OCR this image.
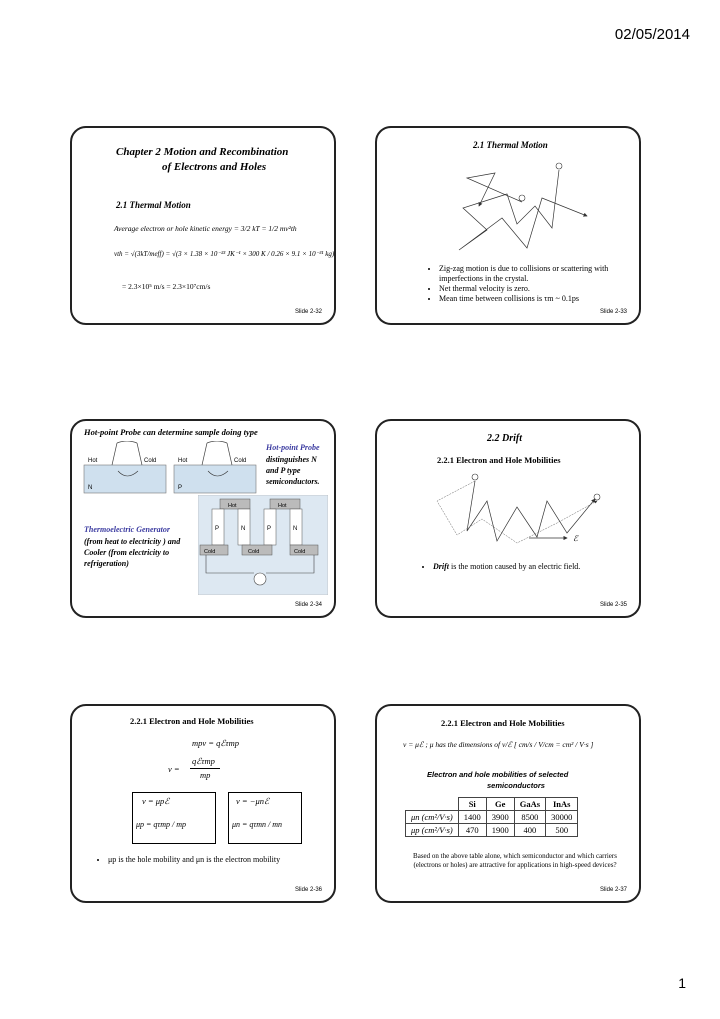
02/05/2014
Chapter 2 Motion and Recombination
of Electrons and Holes
2.1 Thermal Motion
Average electron or hole kinetic energy = 3/2 kT = 1/2 mv²th
vth = √(3kT/meff) = √(3 × 1.38 × 10⁻²³ JK⁻¹ × 300 K / 0.26 × 9.1 × 10⁻³¹ kg)
= 2.3×10⁵ m/s = 2.3×10⁷cm/s
Slide 2-32
2.1 Thermal Motion
• Zig-zag motion is due to collisions or scattering with imperfections in the crystal.
• Net thermal velocity is zero.
• Mean time between collisions is τm ~ 0.1ps
Slide 2-33
Hot-point Probe can determine sample doing type
Hot	Cold	Hot	Cold
N	P
Hot-point Probe
distinguishes N and P type semiconductors.
Hot	Hot
P	N	P	N
Cold	Cold	Cold
Thermoelectric Generator
(from heat to electricity ) and Cooler (from electricity to refrigeration)
Slide 2-34
2.2 Drift
2.2.1 Electron and Hole Mobilities
ℰ
• Drift is the motion caused by an electric field.
Slide 2-35
2.2.1 Electron and Hole Mobilities
mpv = qℰτmp
qℰτmp
v =
mp
v = μpℰ	v = −μnℰ
μp = qτmp / mp	μn = qτmn / mn
• μp is the hole mobility and μn is the electron mobility
Slide 2-36
2.2.1 Electron and Hole Mobilities
v = μℰ ; μ has the dimensions of v/ℰ [ cm/s / V/cm = cm² / V·s ]
Electron and hole mobilities of selected
semiconductors
	Si	Ge	GaAs	InAs
μn (cm²/V·s)	1400	3900	8500	30000
μp (cm²/V·s)	470	1900	400	500
Based on the above table alone, which semiconductor and which carriers (electrons or holes) are attractive for applications in high-speed devices?
Slide 2-37
1
